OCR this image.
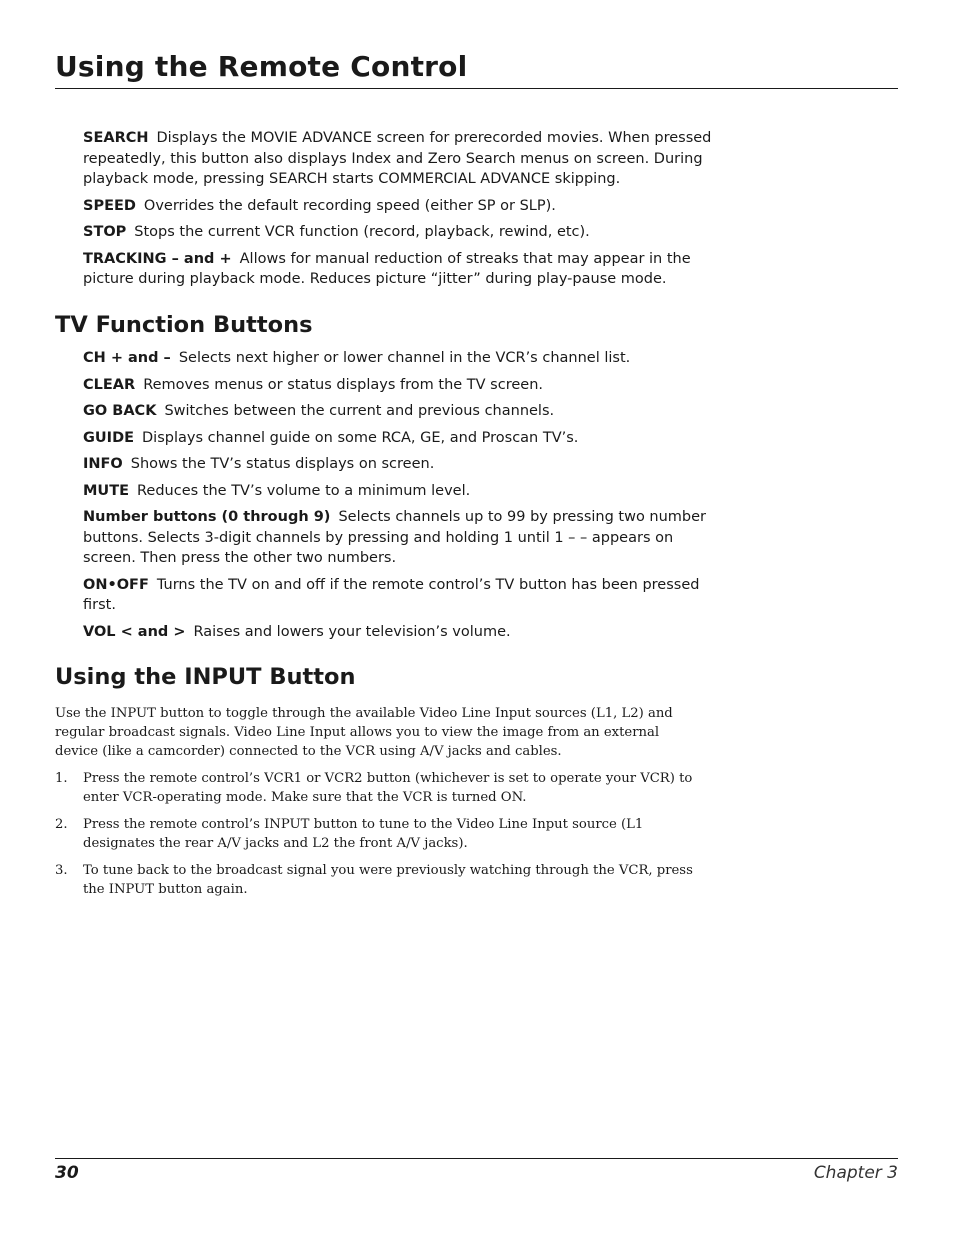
Using the Remote Control

SEARCH Displays the MOVIE ADVANCE screen for prerecorded movies. When pressed repeatedly, this button also displays Index and Zero Search menus on screen. During playback mode, pressing SEARCH starts COMMERCIAL ADVANCE skipping.

SPEED Overrides the default recording speed (either SP or SLP).

STOP Stops the current VCR function (record, playback, rewind, etc).

TRACKING – and + Allows for manual reduction of streaks that may appear in the picture during playback mode. Reduces picture “jitter” during play-pause mode.

TV Function Buttons

CH + and – Selects next higher or lower channel in the VCR’s channel list.

CLEAR Removes menus or status displays from the TV screen.

GO BACK Switches between the current and previous channels.

GUIDE Displays channel guide on some RCA, GE, and Proscan TV’s.

INFO Shows the TV’s status displays on screen.

MUTE Reduces the TV’s volume to a minimum level.

Number buttons (0 through 9) Selects channels up to 99 by pressing two number buttons. Selects 3-digit channels by pressing and holding 1 until 1 – – appears on screen. Then press the other two numbers.

ON•OFF Turns the TV on and off if the remote control’s TV button has been pressed first.

VOL < and > Raises and lowers your television’s volume.

Using the INPUT Button

Use the INPUT button to toggle through the available Video Line Input sources (L1, L2) and regular broadcast signals. Video Line Input allows you to view the image from an external device (like a camcorder) connected to the VCR using A/V jacks and cables.

1. Press the remote control’s VCR1 or VCR2 button (whichever is set to operate your VCR) to enter VCR-operating mode. Make sure that the VCR is turned ON.
2. Press the remote control’s INPUT button to tune to the Video Line Input source (L1 designates the rear A/V jacks and L2 the front A/V jacks).
3. To tune back to the broadcast signal you were previously watching through the VCR, press the INPUT button again.
30	Chapter 3
